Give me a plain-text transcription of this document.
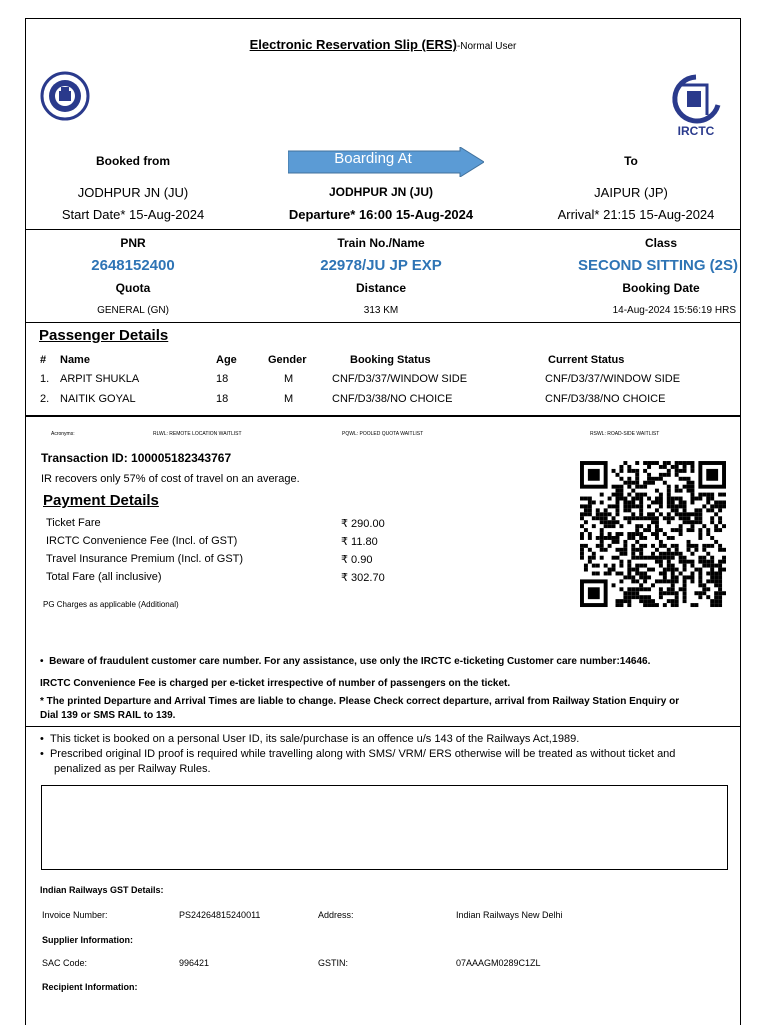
Electronic Reservation Slip (ERS)-Normal User
IRCTC
Booked from	Boarding At	To
JODHPUR JN (JU)	JODHPUR JN (JU)	JAIPUR (JP)
Start Date* 15-Aug-2024	Departure* 16:00 15-Aug-2024	Arrival* 21:15 15-Aug-2024
PNR	Train No./Name	Class
2648152400	22978/JU JP EXP	SECOND SITTING (2S)
Quota	Distance	Booking Date
GENERAL (GN)	313 KM	14-Aug-2024 15:56:19 HRS
Passenger Details
# Name	Age	Gender	Booking Status	Current Status
1. ARPIT SHUKLA	18	M	CNF/D3/37/WINDOW SIDE	CNF/D3/37/WINDOW SIDE
2. NAITIK GOYAL	18	M	CNF/D3/38/NO CHOICE	CNF/D3/38/NO CHOICE
Acronyms:	RLWL: REMOTE LOCATION WAITLIST	PQWL: POOLED QUOTA WAITLIST	RSWL: ROAD-SIDE WAITLIST
Transaction ID: 100005182343767
IR recovers only 57% of cost of travel on an average.
Payment Details
Ticket Fare	₹ 290.00
IRCTC Convenience Fee (Incl. of GST)	₹ 11.80
Travel Insurance Premium (Incl. of GST)	₹ 0.90
Total Fare (all inclusive)	₹ 302.70
PG Charges as applicable (Additional)
•  Beware of fraudulent customer care number. For any assistance, use only the IRCTC e-ticketing Customer care number:14646.
IRCTC Convenience Fee is charged per e-ticket irrespective of number of passengers on the ticket.
* The printed Departure and Arrival Times are liable to change. Please Check correct departure, arrival from Railway Station Enquiry or
Dial 139 or SMS RAIL to 139.
•  This ticket is booked on a personal User ID, its sale/purchase is an offence u/s 143 of the Railways Act,1989.
•  Prescribed original ID proof is required while travelling along with SMS/ VRM/ ERS otherwise will be treated as without ticket and
penalized as per Railway Rules.
Indian Railways GST Details:
Invoice Number:	PS24264815240011	Address:	Indian Railways New Delhi
Supplier Information:
SAC Code:	996421	GSTIN:	07AAAGM0289C1ZL
Recipient Information:
